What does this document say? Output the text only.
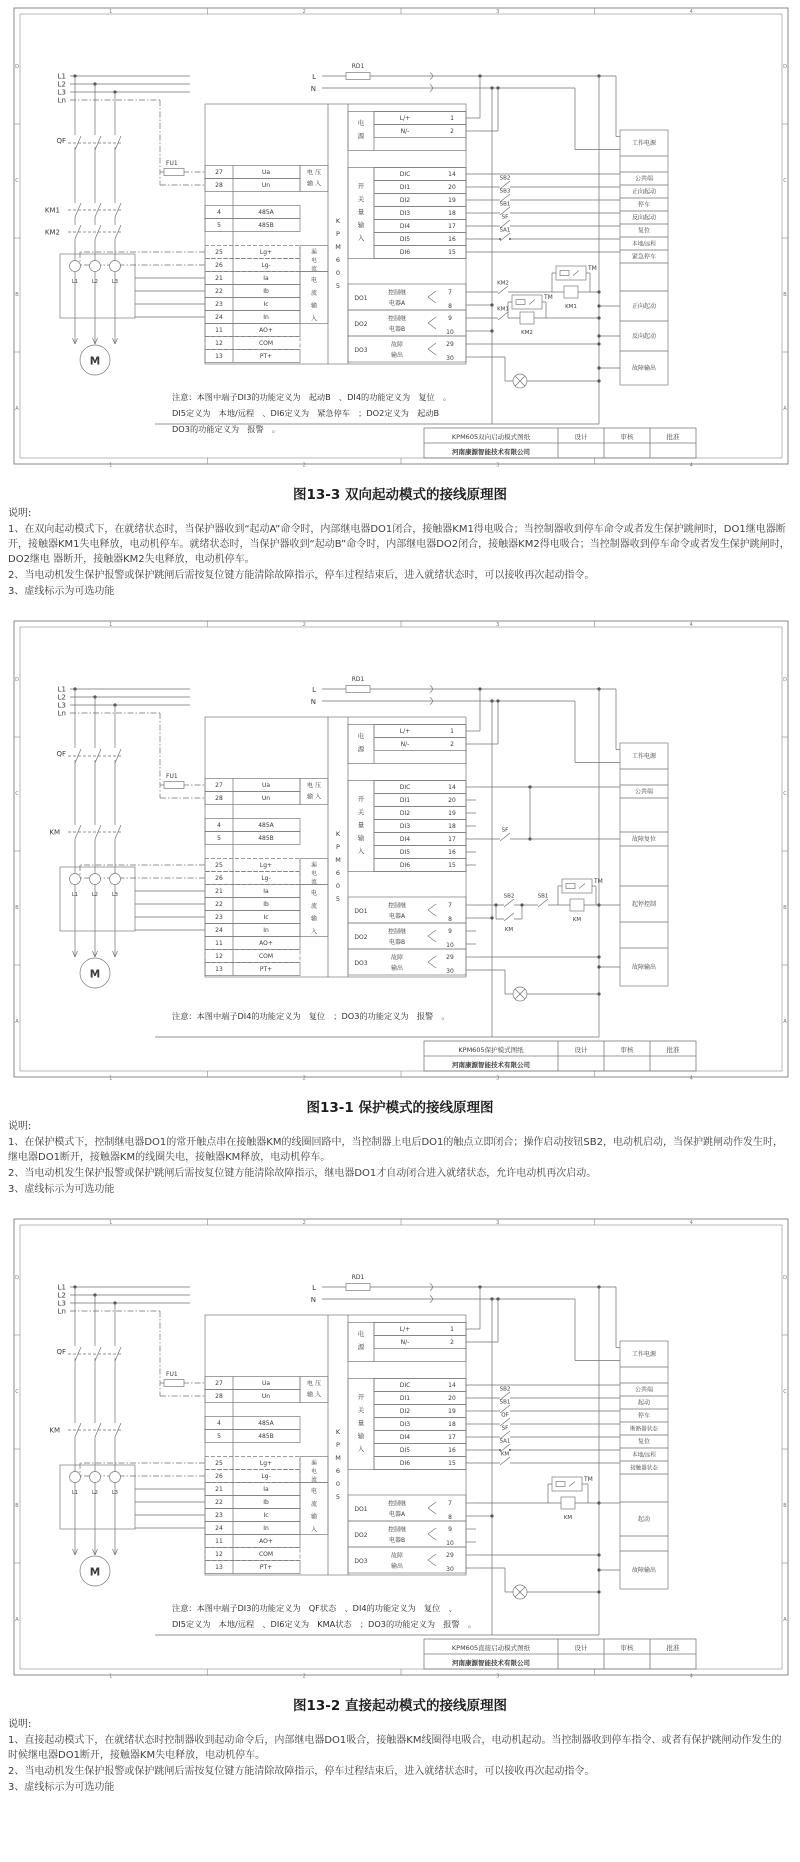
1
1
2
2
3
3
4
4
D	D
C	C
B	B
A	A
L1
L2
L3
Ln
QF
KM1
KM2
FU1
L1	L2	L3
M
27	Ua
28	Un
4	485A
5	485B
25	Lg+
26	Lg-
21	Ia
22	Ib
23	Ic
24	In
11	AO+
12	COM
13	PT+
电 压
输 入
漏
电
流
电
流
输
入
K
P
M
6
0
5
电
源
L/+	1
N/-	2
开
关
量
输
入
DIC	14
DI1	20
DI2	19
DI3	18
DI4	17
DI5	16
DI6	15
DO1
控制继
电器A
7
8
DO2
控制继
电器B
9
10
DO3
故障
输出
29
30
L
N
RD1
SB2
SB3
SB1
SF
SA1
KM2
TM
KM1
KM1
TM
KM2
工作电源
公共端
正向起动
停车
反向起动
复位
本地/远程
紧急停车
正向起动
反向起动
故障输出
注意：本图中端子DI3的功能定义为　起动B　、DI4的功能定义为　复位　。
DI5定义为　本地/远程　、DI6定义为　紧急停车　；DO2定义为　起动B
DO3的功能定义为　报警　。
KPM605双向启动模式图纸	设计	审核	批准
河南康源智能技术有限公司
图13-3 双向起动模式的接线原理图
说明:

1、在双向起动模式下，在就绪状态时，当保护器收到“起动A”命令时，内部继电器DO1闭合，接触器KM1得电吸合；当控制器收到停车命令或者发生保护跳闸时，DO1继电器断开，接触器KM1失电释放，电动机停车。就绪状态时，当保护器收到“起动B”命令时，内部继电器DO2闭合，接触器KM2得电吸合；当控制器收到停车命令或者发生保护跳闸时，DO2继电 器断开，接触器KM2失电释放，电动机停车。

2、当电动机发生保护报警或保护跳闸后需按复位键方能清除故障指示，停车过程结束后，进入就绪状态时，可以接收再次起动指令。

3、虚线标示为可选功能

1
1
2
2
3
3
4
4
D	D
C	C
B	B
A	A
L1
L2
L3
Ln
QF
KM
FU1
L1	L2	L3
M
27	Ua
28	Un
4	485A
5	485B
25	Lg+
26	Lg-
21	Ia
22	Ib
23	Ic
24	In
11	AO+
12	COM
13	PT+
电 压
输 入
漏
电
流
电
流
输
入
K
P
M
6
0
5
电
源
L/+	1
N/-	2
开
关
量
输
入
DIC	14
DI1	20
DI2	19
DI3	18
DI4	17
DI5	16
DI6	15
DO1
控制继
电器A
7
8
DO2
控制继
电器B
9
10
DO3
故障
输出
29
30
L
N
RD1
SF
SB2
KM
SB1
TM
KM
工作电源
公共端
故障复位
起停控制
故障输出
注意：本图中端子DI4的功能定义为　复位　；DO3的功能定义为　报警　。
KPM605保护模式图纸	设计	审核	批准
河南康源智能技术有限公司
图13-1 保护模式的接线原理图
说明:

1、在保护模式下，控制继电器DO1的常开触点串在接触器KM的线圈回路中，当控制器上电后DO1的触点立即闭合；操作启动按钮SB2，电动机启动，当保护跳闸动作发生时，继电器DO1断开，接触器KM的线圈失电，接触器KM释放，电动机停车。

2、当电动机发生保护报警或保护跳闸后需按复位键方能清除故障指示，继电器DO1才自动闭合进入就绪状态，允许电动机再次启动。

3、虚线标示为可选功能

1
1
2
2
3
3
4
4
D	D
C	C
B	B
A	A
L1
L2
L3
Ln
QF
KM
FU1
L1	L2	L3
M
27	Ua
28	Un
4	485A
5	485B
25	Lg+
26	Lg-
21	Ia
22	Ib
23	Ic
24	In
11	AO+
12	COM
13	PT+
电 压
输 入
漏
电
流
电
流
输
入
K
P
M
6
0
5
电
源
L/+	1
N/-	2
开
关
量
输
入
DIC	14
DI1	20
DI2	19
DI3	18
DI4	17
DI5	16
DI6	15
DO1
控制继
电器A
7
8
DO2
控制继
电器B
9
10
DO3
故障
输出
29
30
L
N
RD1
SB2
SB1
QF
SF
SA1
KM
TM
KM
工作电源
公共端
起动
停车
断路器状态
复位
本地/远程
接触器状态
起动
故障输出
注意：本图中端子DI3的功能定义为　QF状态　、DI4的功能定义为　复位　、
DI5定义为　本地/远程　、DI6定义为　KMA状态　；DO3的功能定义为　报警　。
KPM605直接启动模式图纸	设计	审核	批准
河南康源智能技术有限公司
图13-2 直接起动模式的接线原理图
说明:

1、直接起动模式下，在就绪状态时控制器收到起动命令后，内部继电器DO1吸合，接触器KM线圈得电吸合，电动机起动。当控制器收到停车指令、或者有保护跳闸动作发生的时候继电器DO1断开，接触器KM失电释放，电动机停车。

2、当电动机发生保护报警或保护跳闸后需按复位键方能清除故障指示，停车过程结束后，进入就绪状态时，可以接收再次起动指令。

3、虚线标示为可选功能
